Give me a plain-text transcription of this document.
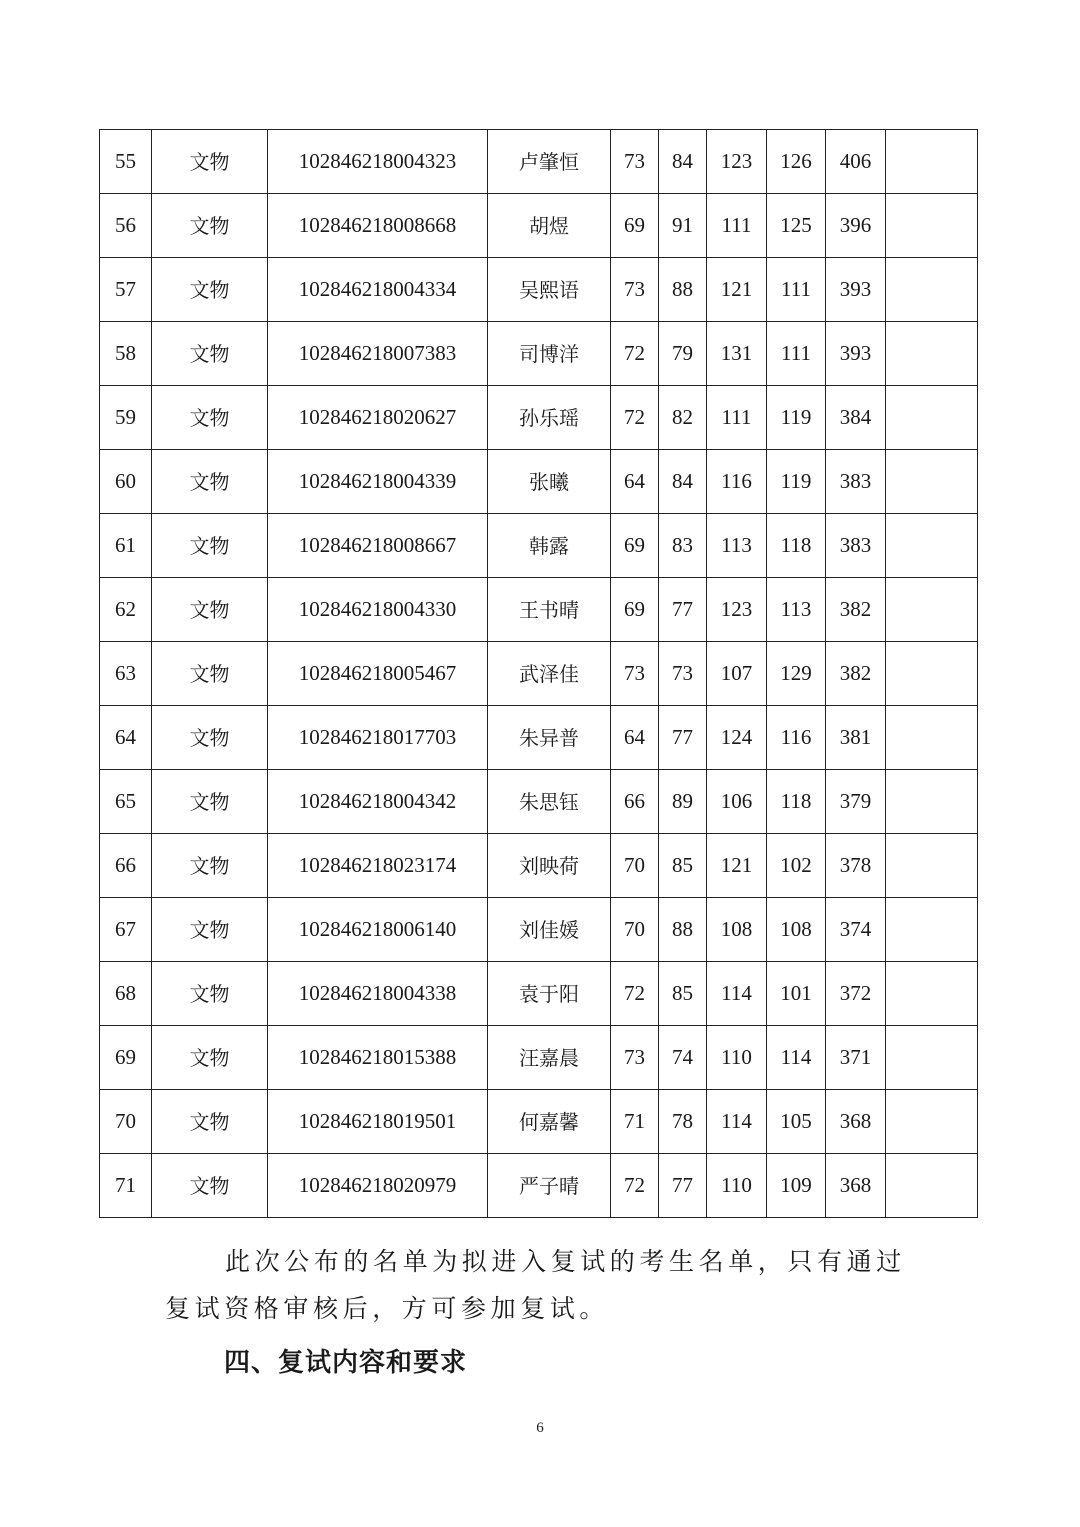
55	文物	102846218004323	卢肇恒	73	84	123	126	406	
56	文物	102846218008668	胡煜	69	91	111	125	396	
57	文物	102846218004334	吴熙语	73	88	121	111	393	
58	文物	102846218007383	司博洋	72	79	131	111	393	
59	文物	102846218020627	孙乐瑶	72	82	111	119	384	
60	文物	102846218004339	张曦	64	84	116	119	383	
61	文物	102846218008667	韩露	69	83	113	118	383	
62	文物	102846218004330	王书晴	69	77	123	113	382	
63	文物	102846218005467	武泽佳	73	73	107	129	382	
64	文物	102846218017703	朱异普	64	77	124	116	381	
65	文物	102846218004342	朱思钰	66	89	106	118	379	
66	文物	102846218023174	刘映荷	70	85	121	102	378	
67	文物	102846218006140	刘佳媛	70	88	108	108	374	
68	文物	102846218004338	袁于阳	72	85	114	101	372	
69	文物	102846218015388	汪嘉晨	73	74	110	114	371	
70	文物	102846218019501	何嘉馨	71	78	114	105	368	
71	文物	102846218020979	严子晴	72	77	110	109	368	

此次公布的名单为拟进入复试的考生名单，只有通过复试资格审核后，方可参加复试。

四、复试内容和要求
6
